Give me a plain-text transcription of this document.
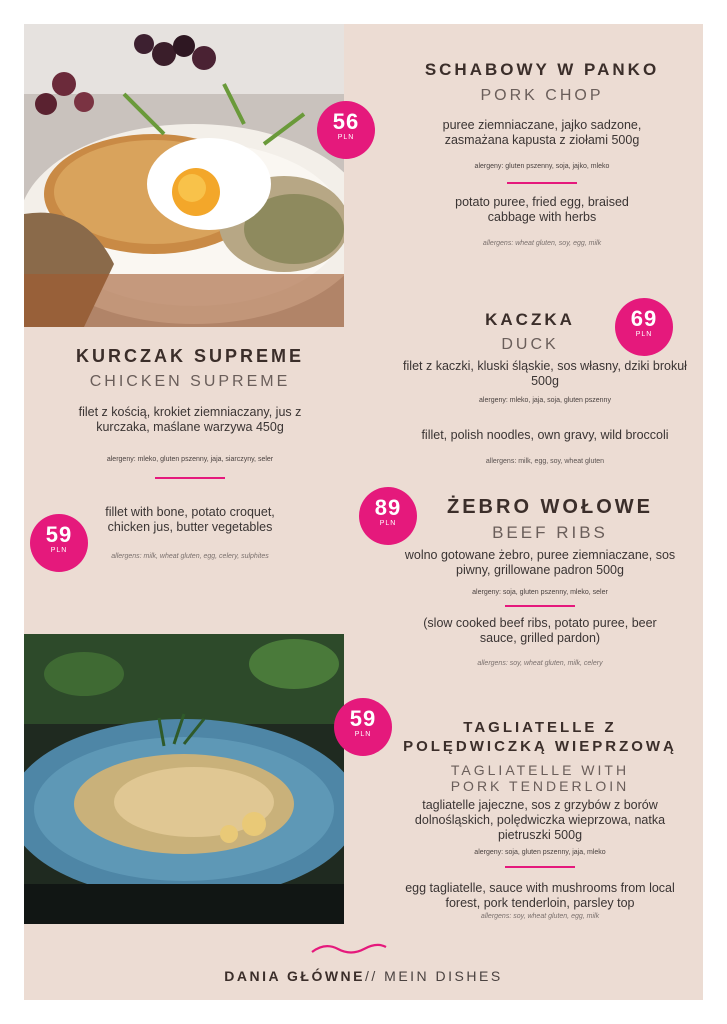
56
PLN
SCHABOWY W PANKO
PORK CHOP
puree ziemniaczane, jajko sadzone, zasmażana kapusta z ziołami 500g
alergeny: gluten pszenny, soja, jajko, mleko
potato puree, fried egg, braised cabbage with herbs
allergens: wheat gluten, soy, egg, milk
69
PLN
KACZKA
DUCK
filet z kaczki, kluski śląskie, sos własny, dziki brokuł 500g
alergeny: mleko, jaja, soja, gluten pszenny
fillet, polish noodles, own gravy, wild broccoli
allergens: milk, egg, soy, wheat gluten
KURCZAK SUPREME
CHICKEN SUPREME
filet z kością, krokiet ziemniaczany, jus z kurczaka, maślane warzywa 450g
alergeny: mleko, gluten pszenny, jaja, siarczyny, seler
59
PLN
fillet with bone, potato croquet, chicken jus, butter vegetables
allergens: milk, wheat gluten, egg, celery, sulphites
89
PLN
ŻEBRO WOŁOWE
BEEF RIBS
wolno gotowane żebro, puree ziemniaczane, sos piwny, grillowane padron 500g
alergeny: soja, gluten pszenny, mleko, seler
(slow cooked beef ribs, potato puree, beer sauce, grilled pardon)
allergens: soy, wheat gluten, milk, celery
59
PLN	TAGLIATELLE Z POLĘDWICZKĄ WIEPRZOWĄ
TAGLIATELLE WITH PORK TENDERLOIN
tagliatelle jajeczne, sos z grzybów z borów dolnośląskich, polędwiczka wieprzowa, natka pietruszki 500g
alergeny: soja, gluten pszenny, jaja, mleko
egg tagliatelle, sauce with mushrooms from local forest, pork tenderloin, parsley top
allergens: soy, wheat gluten, egg, milk
DANIA GŁÓWNE// MEIN DISHES
